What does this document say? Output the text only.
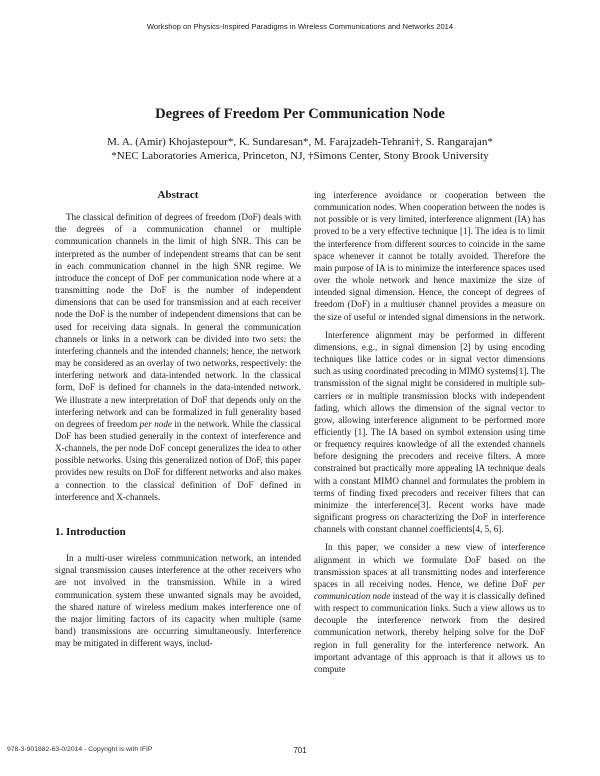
Workshop on Physics-Inspired Paradigms in Wireless Communications and Networks 2014
Degrees of Freedom Per Communication Node
M. A. (Amir) Khojastepour*, K. Sundaresan*, M. Farajzadeh-Tehrani†, S. Rangarajan*
*NEC Laboratories America, Princeton, NJ, †Simons Center, Stony Brook University
Abstract

The classical definition of degrees of freedom (DoF) deals with the degrees of a communication channel or multiple communication channels in the limit of high SNR. This can be interpreted as the number of independent streams that can be sent in each communication channel in the high SNR regime. We introduce the concept of DoF per communication node where at a transmitting node the DoF is the number of independent dimensions that can be used for transmission and at each receiver node the DoF is the number of independent dimensions that can be used for receiving data signals. In general the communication channels or links in a network can be divided into two sets: the interfering channels and the intended channels; hence, the network may be considered as an overlay of two networks, respectively: the interfering network and data-intended network. In the classical form, DoF is defined for channels in the data-intended network. We illustrate a new interpretation of DoF that depends only on the interfering network and can be formalized in full generality based on degrees of freedom per node in the network. While the classical DoF has been studied generally in the context of interference and X-channels, the per node DoF concept generalizes the idea to other possible networks. Using this generalized notion of DoF, this paper provides new results on DoF for different networks and also makes a connection to the classical definition of DoF defined in interference and X-channels.

1. Introduction

In a multi-user wireless communication network, an intended signal transmission causes interference at the other receivers who are not involved in the transmission. While in a wired communication system these unwanted signals may be avoided, the shared nature of wireless medium makes interference one of the major limiting factors of its capacity when multiple (same band) transmissions are occurring simultaneously. Interference may be mitigated in different ways, includ-

ing interference avoidance or cooperation between the communication nodes. When cooperation between the nodes is not possible or is very limited, interference alignment (IA) has proved to be a very effective technique [1]. The idea is to limit the interference from different sources to coincide in the same space whenever it cannot be totally avoided. Therefore the main purpose of IA is to minimize the interference spaces used over the whole network and hence maximize the size of intended signal dimension. Hence, the concept of degrees of freedom (DoF) in a multiuser channel provides a measure on the size of useful or intended signal dimensions in the network.

Interference alignment may be performed in different dimensions, e.g., in signal dimension [2] by using encoding techniques like lattice codes or in signal vector dimensions such as using coordinated precoding in MIMO systems[1]. The transmission of the signal might be considered in multiple sub-carriers or in multiple transmission blocks with independent fading, which allows the dimension of the signal vector to grow, allowing interference alignment to be performed more efficiently [1]. The IA based on symbol extension using time or frequency requires knowledge of all the extended channels before designing the precoders and receive filters. A more constrained but practically more appealing IA technique deals with a constant MIMO channel and formulates the problem in terms of finding fixed precoders and receiver filters that can minimize the interference[3]. Recent works have made significant progress on characterizing the DoF in interference channels with constant channel coefficients[4, 5, 6].

In this paper, we consider a new view of interference alignment in which we formulate DoF based on the transmission spaces at all transmitting nodes and interference spaces in all receiving nodes. Hence, we define DoF per communication node instead of the way it is classically defined with respect to communication links. Such a view allows us to decouple the interference network from the desired communication network, thereby helping solve for the DoF region in full generality for the interference network. An important advantage of this approach is that it allows us to compute

978-3-901882-63-0/2014 - Copyright is with IFIP	701
